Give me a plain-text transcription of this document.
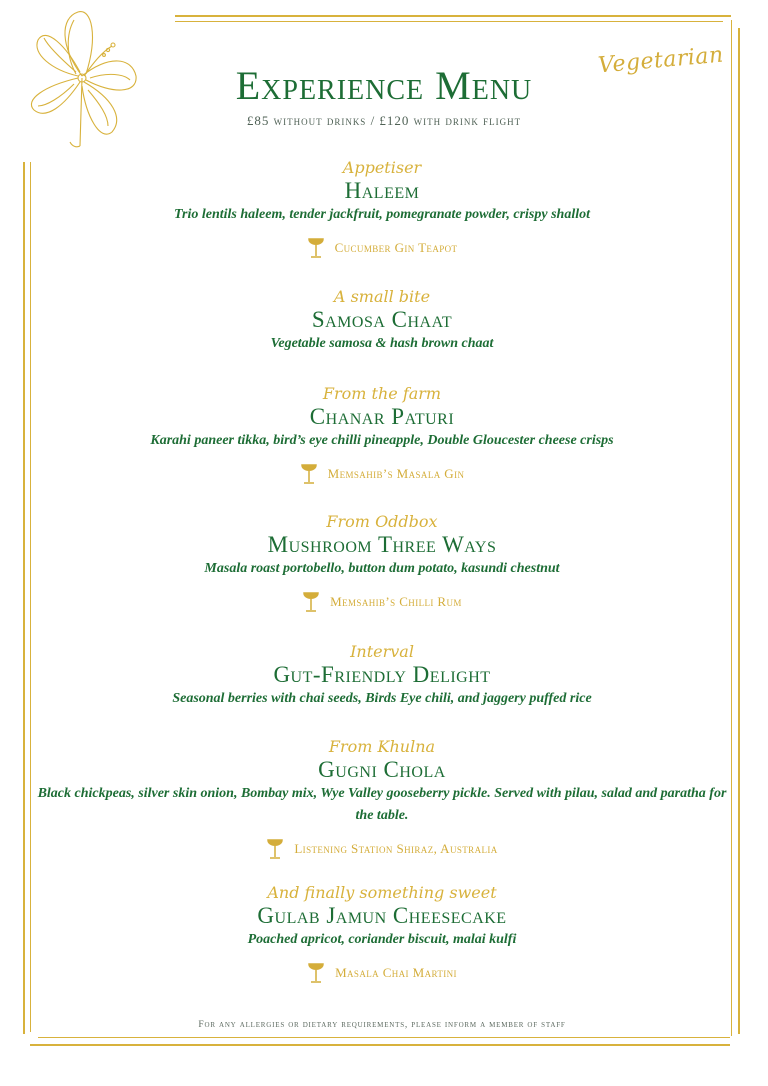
Vegetarian
Experience Menu
£85 without drinks / £120 with drink flight
Appetiser
Haleem
Trio lentils haleem, tender jackfruit, pomegranate powder, crispy shallot
Cucumber Gin Teapot
A small bite
Samosa Chaat
Vegetable samosa & hash brown chaat
From the farm
Chanar Paturi
Karahi paneer tikka, bird’s eye chilli pineapple, Double Gloucester cheese crisps
Memsahib’s Masala Gin
From Oddbox
Mushroom Three Ways
Masala roast portobello, button dum potato, kasundi chestnut
Memsahib’s Chilli Rum
Interval
Gut-Friendly Delight
Seasonal berries with chai seeds, Birds Eye chili, and jaggery puffed rice
From Khulna
Gugni Chola
Black chickpeas, silver skin onion, Bombay mix, Wye Valley gooseberry pickle. Served with pilau, salad and paratha for the table.
Listening Station Shiraz, Australia
And finally something sweet
Gulab Jamun Cheesecake
Poached apricot, coriander biscuit, malai kulfi
Masala Chai Martini
For any allergies or dietary requirements, please inform a member of staff
